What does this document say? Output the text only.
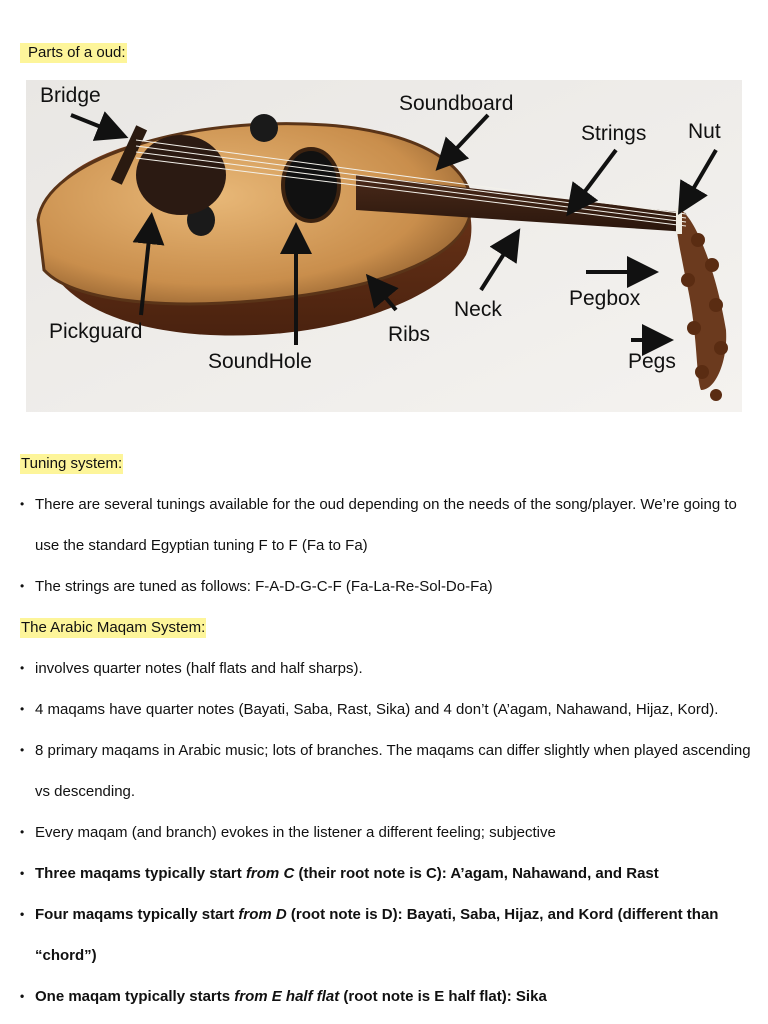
Parts of a oud:
Bridge	Soundboard
Strings Nut
Pegbox
Pegs
Neck
Ribs
Pickguard
SoundHole
Tuning system:
• There are several tunings available for the oud depending on the needs of the song/player. We’re going to use the standard Egyptian tuning F to F (Fa to Fa)
• The strings are tuned as follows: F-A-D-G-C-F (Fa-La-Re-Sol-Do-Fa)
The Arabic Maqam System:
• involves quarter notes (half flats and half sharps).
• 4 maqams have quarter notes (Bayati, Saba, Rast, Sika) and 4 don’t (A’agam, Nahawand, Hijaz, Kord).
• 8 primary maqams in Arabic music; lots of branches. The maqams can differ slightly when played ascending vs descending.
• Every maqam (and branch) evokes in the listener a different feeling; subjective
• Three maqams typically start from C (their root note is C): A’agam, Nahawand, and Rast
• Four maqams typically start from D (root note is D): Bayati, Saba, Hijaz, and Kord (different than “chord”)
• One maqam typically starts from E half flat (root note is E half flat): Sika
